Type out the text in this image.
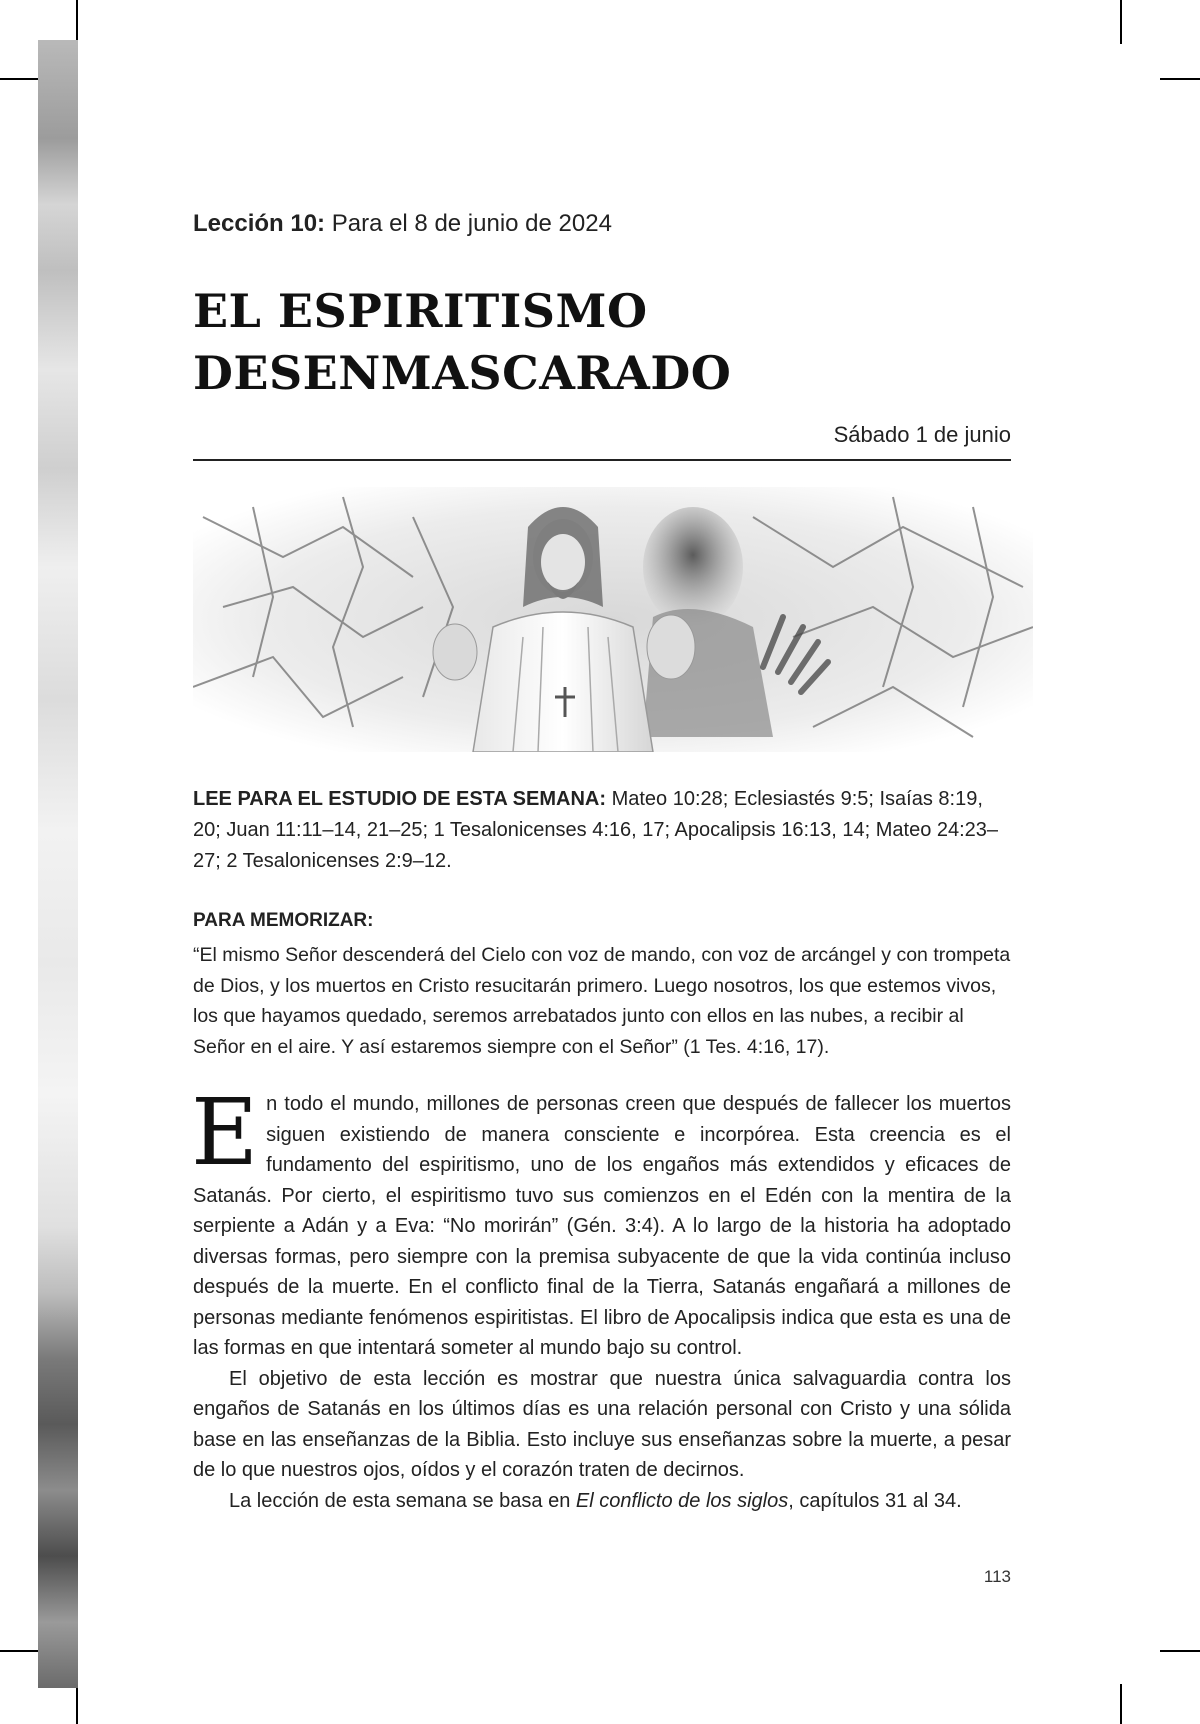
Lección 10: Para el 8 de junio de 2024
EL ESPIRITISMO
DESENMASCARADO
Sábado 1 de junio

LEE PARA EL ESTUDIO DE ESTA SEMANA: Mateo 10:28; Eclesiastés 9:5; Isaías 8:19, 20; Juan 11:11–14, 21–25; 1 Tesalonicenses 4:16, 17; Apocalipsis 16:13, 14; Mateo 24:23–27; 2 Tesalonicenses 2:9–12.

PARA MEMORIZAR:

“El mismo Señor descenderá del Cielo con voz de mando, con voz de arcángel y con trompeta de Dios, y los muertos en Cristo resucitarán primero. Luego nosotros, los que estemos vivos, los que hayamos quedado, seremos arrebatados junto con ellos en las nubes, a recibir al Señor en el aire. Y así estaremos siempre con el Señor” (1 Tes. 4:16, 17).

En todo el mundo, millones de personas creen que después de fallecer los muertos siguen existiendo de manera consciente e incorpórea. Esta creencia es el fundamento del espiritismo, uno de los engaños más extendidos y eficaces de Satanás. Por cierto, el espiritismo tuvo sus comienzos en el Edén con la mentira de la serpiente a Adán y a Eva: “No morirán” (Gén. 3:4). A lo largo de la historia ha adoptado diversas formas, pero siempre con la premisa subyacente de que la vida continúa incluso después de la muerte. En el conflicto final de la Tierra, Satanás engañará a millones de personas mediante fenómenos espiritistas. El libro de Apocalipsis indica que esta es una de las formas en que intentará someter al mundo bajo su control.

El objetivo de esta lección es mostrar que nuestra única salvaguardia contra los engaños de Satanás en los últimos días es una relación personal con Cristo y una sólida base en las enseñanzas de la Biblia. Esto incluye sus enseñanzas sobre la muerte, a pesar de lo que nuestros ojos, oídos y el corazón traten de decirnos.

La lección de esta semana se basa en El conflicto de los siglos, capítulos 31 al 34.

113
